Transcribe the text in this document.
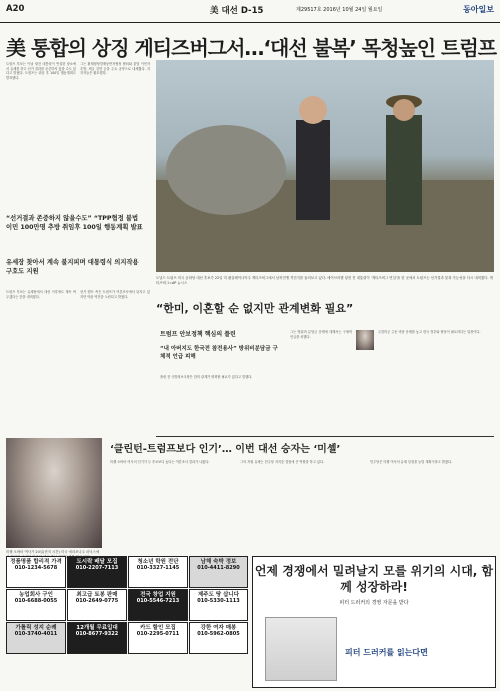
A20	美 대선 D-15	제29517호 2016년 10월 24일 월요일	동아일보
美 통합의 상징 게티즈버그서…‘대선 불복’ 목청높인 트럼프
트럼프 후보는 이날 링컨 대통령이 연설한 장소에서 유세를 하고 선거 결과를 존중하지 않을 수도 있다고 밝혔다. 트럼프는 취임 후 100일 행동계획도 발표했다.
그는 환태평양경제동반자협정 탈퇴와 불법 이민자 추방, 세금 감면 등을 주요 공약으로 내세웠다. 지지자들은 환호했다.
“선거결과 존중하지 않을수도” “TPP협정 불법 이민 100만명 추방 취임후 100일 행동계획 발표
유세장 찾아서 계속 불지피며 대통령식 의지작용 구호도 지원
트럼프 후보는 유세장에서 대선 이후에도 계속 싸우겠다는 뜻을 내비쳤다.
선거 캠프 측은 트럼프가 여론조사에서 뒤지고 있지만 막판 역전을 노린다고 밝혔다.
도널드 트럼프 미국 공화당 대선 후보가 22일 미 펜실베이니아주 게티즈버그에서 남북전쟁 격전지를 둘러보고 있다. 에이브러햄 링컨 전 대통령이 ‘게티즈버그 연설’을 한 곳에서 트럼프는 선거결과 불복 가능성을 다시 내비쳤다. 게티즈버그=AP 뉴시스
“한미, 이혼할 순 없지만 관계변화 필요”
트럼프 안보정책 핵심의 플린
“내 아버지도 한국전 참전용사” 방위비분담금 구체적 언급 피해
플린 전 국방정보국장은 한미 관계가 변화할 필요가 있다고 말했다.
그는 방위비 분담금 문제에 대해서는 구체적 언급을 피했다.
주한미군 주둔 비용 문제를 놓고 한국 정부와 협상이 필요하다는 입장이다.
‘클린턴-트럼프보다 인기’… 이번 대선 승자는 ‘미셸’
미셸 오바마 여사가 20일(현지 시간) 미국 애리조나주 피닉스에
미셸 오바마 여사의 인기가 두 후보보다 높다는 여론조사 결과가 나왔다.	그의 지원 유세는 민주당 지지층 결집에 큰 역할을 하고 있다.	민주당은 미셸 여사의 유세 일정을 늘릴 계획이라고 밝혔다.
정품명품 합리적 가격
010-1234-5678
도시락 배달 모집
010-2207-7113
청소년 학원 전단
010-3327-1145
남해 숙박 정보
010-4411-8290
농업회사 구인
010-6688-0055
최고급 토봉 판매
010-2649-0775
전국 창업 지원
010-5546-7213
제주도 땅 삽니다
010-5330-1113
가톨릭 성지 순례
010-3740-4011
12개월 무료입대
010-8677-9322
카드 할인 모집
010-2295-0711
강한 여자 매봉
010-5962-0805
언제 경쟁에서 밀려날지 모를 위기의 시대, 함께 성장하라!
피터 드러커의 경영 자문을 받다
피터 드러커를 읽는다면
